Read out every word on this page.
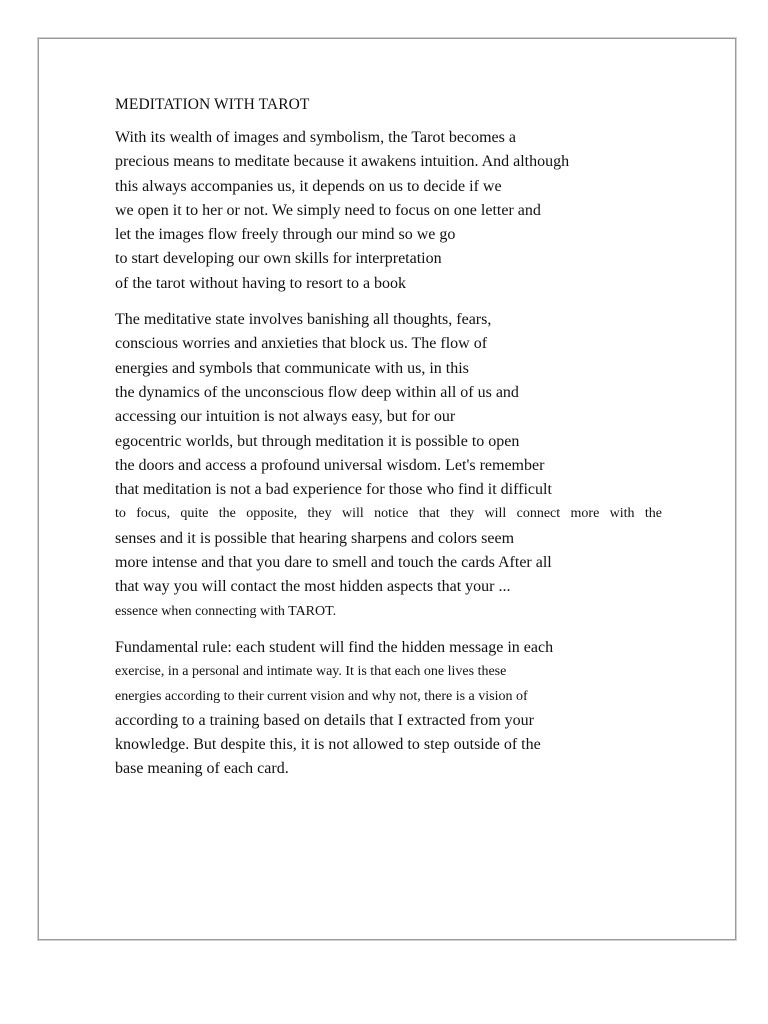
MEDITATION WITH TAROT
With its wealth of images and symbolism, the Tarot becomes a
precious means to meditate because it awakens intuition. And although
this always accompanies us, it depends on us to decide if we
we open it to her or not. We simply need to focus on one letter and
let the images flow freely through our mind so we go
to start developing our own skills for interpretation
of the tarot without having to resort to a book
The meditative state involves banishing all thoughts, fears,
conscious worries and anxieties that block us. The flow of
energies and symbols that communicate with us, in this
the dynamics of the unconscious flow deep within all of us and
accessing our intuition is not always easy, but for our
egocentric worlds, but through meditation it is possible to open
the doors and access a profound universal wisdom. Let's remember
that meditation is not a bad experience for those who find it difficult
to focus, quite the opposite, they will notice that they will connect more with the
senses and it is possible that hearing sharpens and colors seem
more intense and that you dare to smell and touch the cards After all
that way you will contact the most hidden aspects that your ...
essence when connecting with TAROT.
Fundamental rule: each student will find the hidden message in each
exercise, in a personal and intimate way. It is that each one lives these
energies according to their current vision and why not, there is a vision of
according to a training based on details that I extracted from your
knowledge. But despite this, it is not allowed to step outside of the
base meaning of each card.
